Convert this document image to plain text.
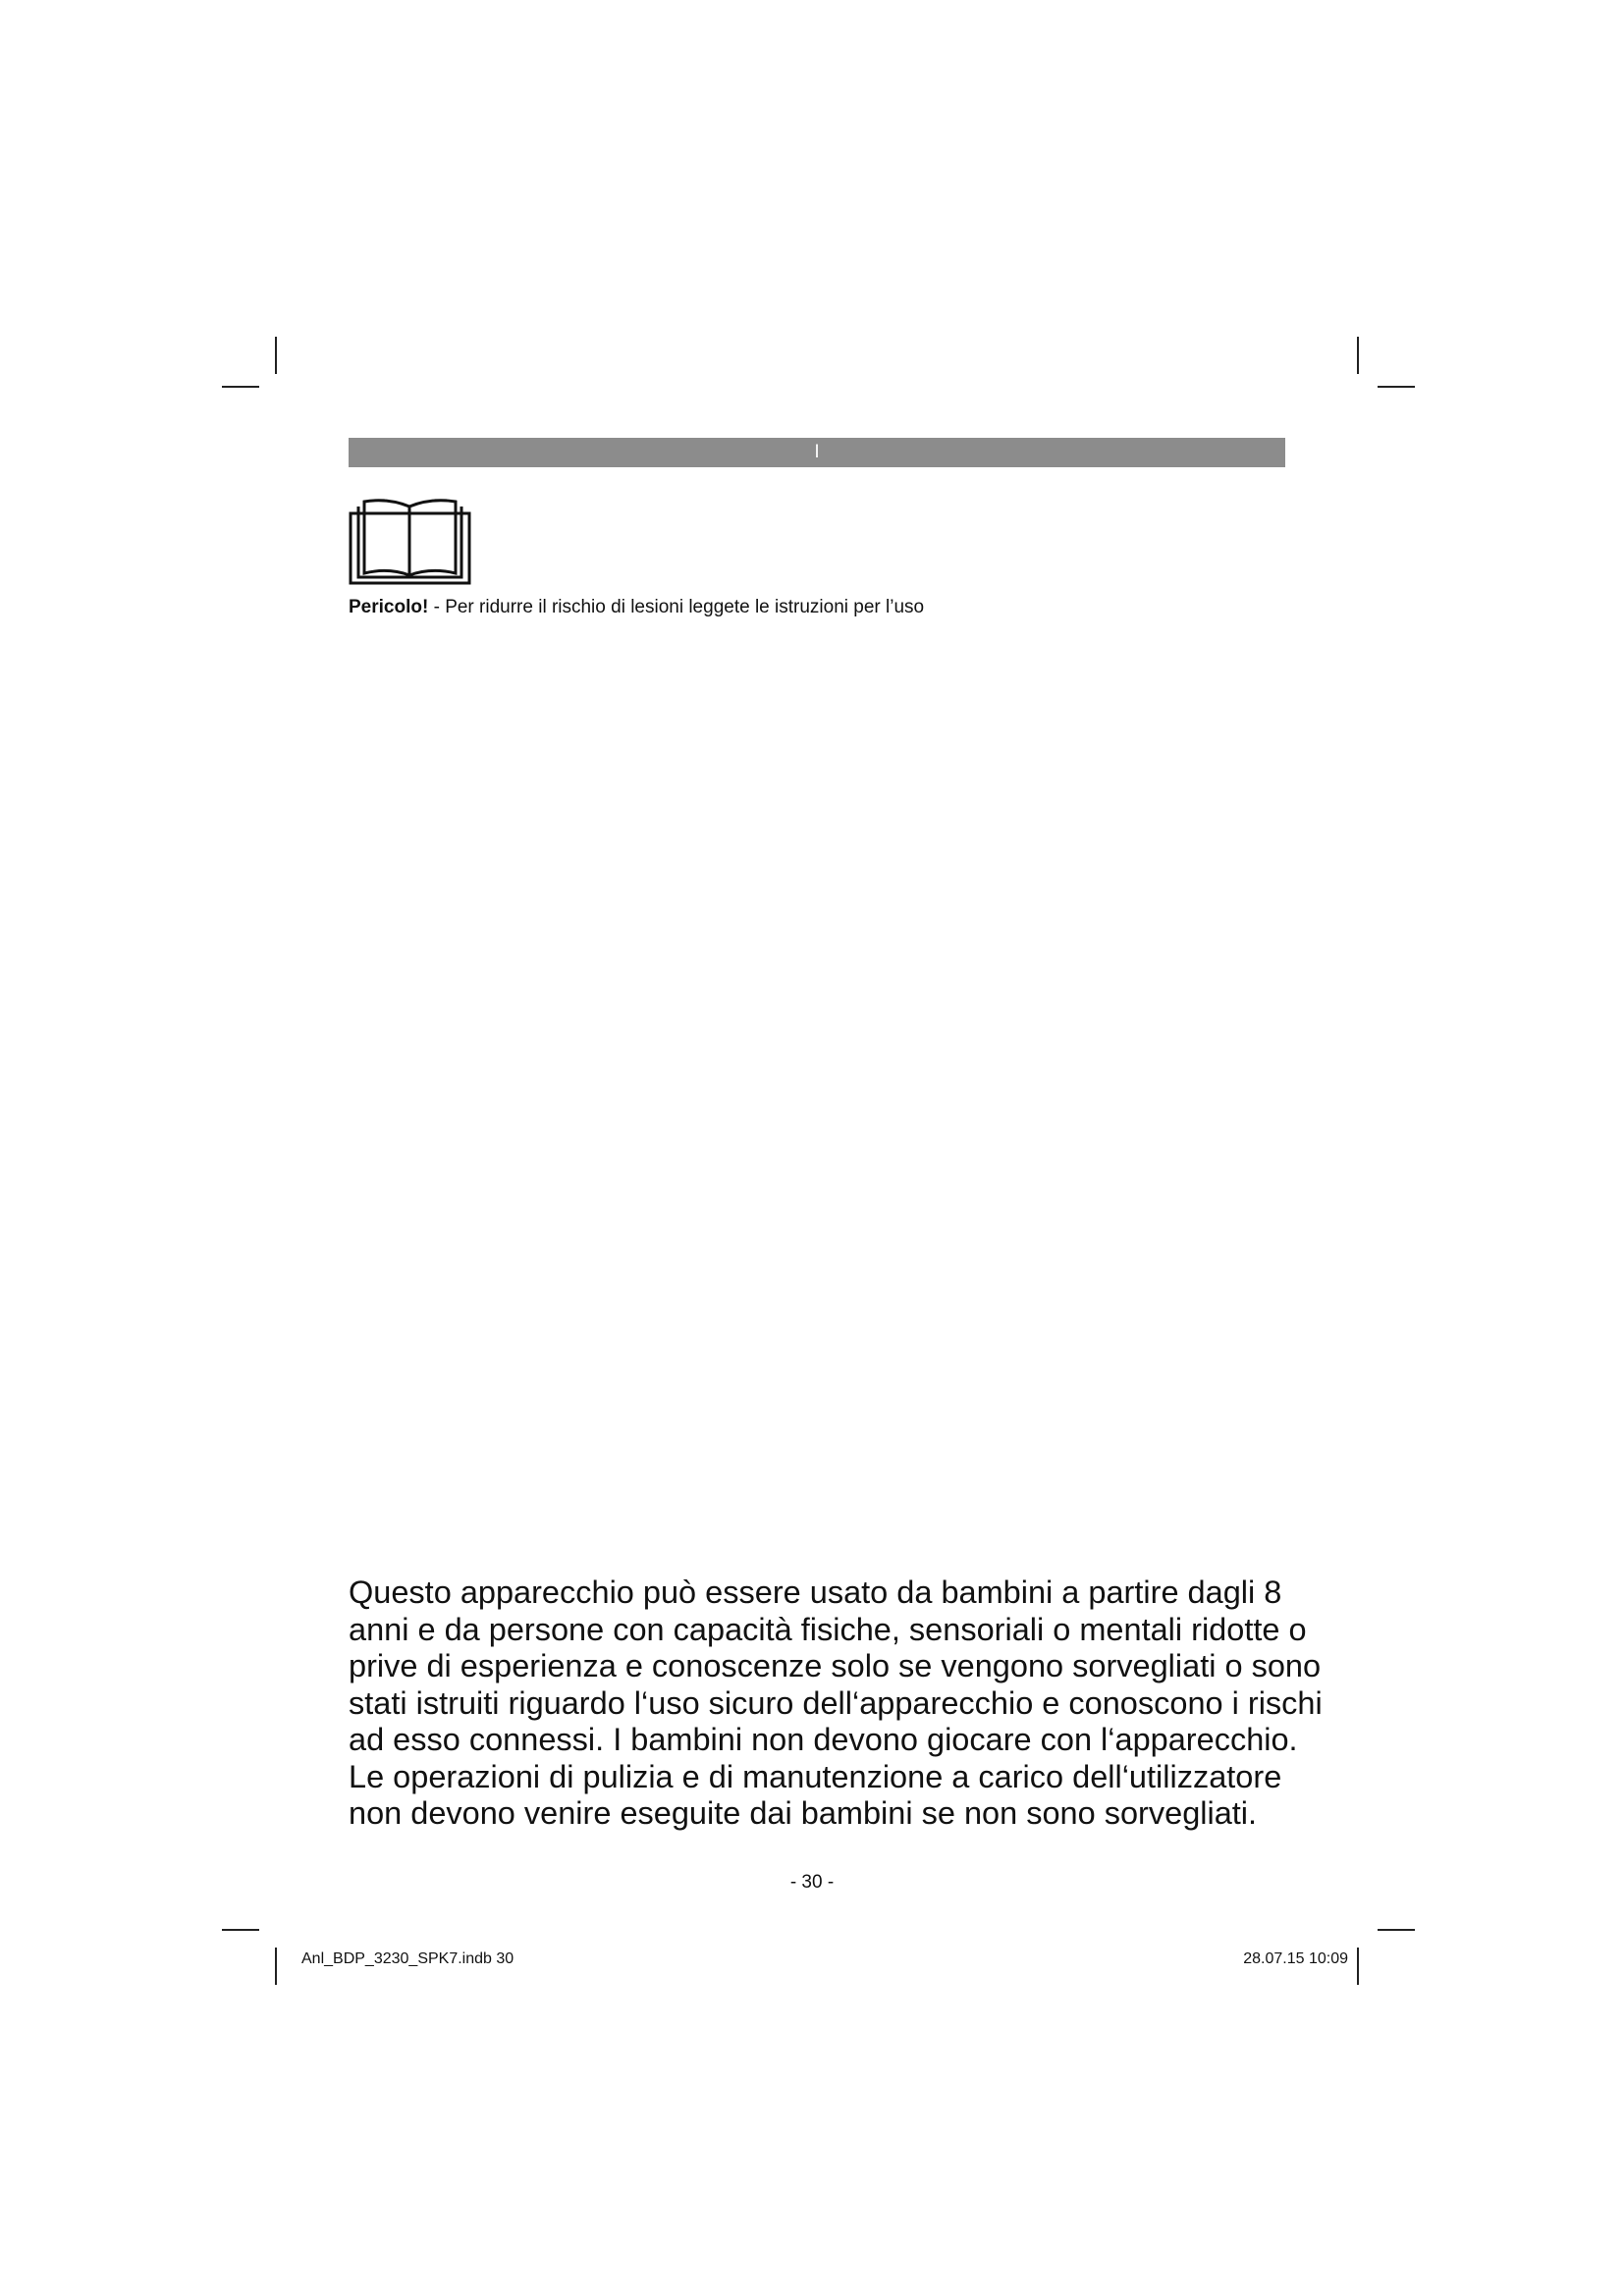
I
Pericolo! - Per ridurre il rischio di lesioni leggete le istruzioni per l’uso
Questo apparecchio può essere usato da bambini a partire dagli 8
anni e da persone con capacità fisiche, sensoriali o mentali ridotte o
prive di esperienza e conoscenze solo se vengono sorvegliati o sono
stati istruiti riguardo l‘uso sicuro dell‘apparecchio e conoscono i rischi
ad esso connessi. I bambini non devono giocare con l‘apparecchio.
Le operazioni di pulizia e di manutenzione a carico dell‘utilizzatore
non devono venire eseguite dai bambini se non sono sorvegliati.
- 30 -
Anl_BDP_3230_SPK7.indb 30	28.07.15 10:09
